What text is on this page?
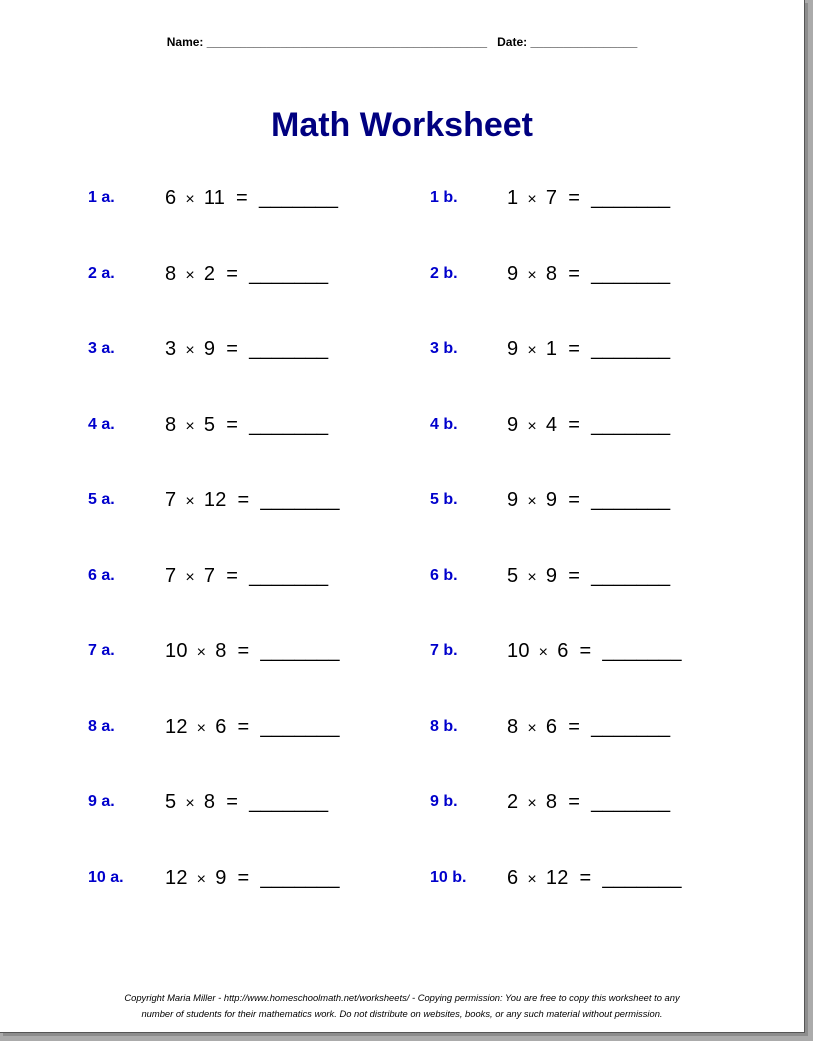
Name: __________________________________________ Date: ________________
Math Worksheet
1 a.	6 × 11 = _______	1 b. 1 × 7 = _______
2 a.	8 × 2 = _______	2 b. 9 × 8 = _______
3 a.	3 × 9 = _______	3 b. 9 × 1 = _______
4 a.	8 × 5 = _______	4 b. 9 × 4 = _______
5 a.	7 × 12 = _______	5 b. 9 × 9 = _______
6 a.	7 × 7 = _______	6 b. 5 × 9 = _______
7 a.	10 × 8 = _______	7 b. 10 × 6 = _______
8 a.	12 × 6 = _______	8 b. 8 × 6 = _______
9 a.	5 × 8 = _______	9 b. 2 × 8 = _______
10 a. 12 × 9 = _______	10 b. 6 × 12 = _______
Copyright Maria Miller - http://www.homeschoolmath.net/worksheets/ - Copying permission: You are free to copy this worksheet to any
number of students for their mathematics work. Do not distribute on websites, books, or any such material without permission.
